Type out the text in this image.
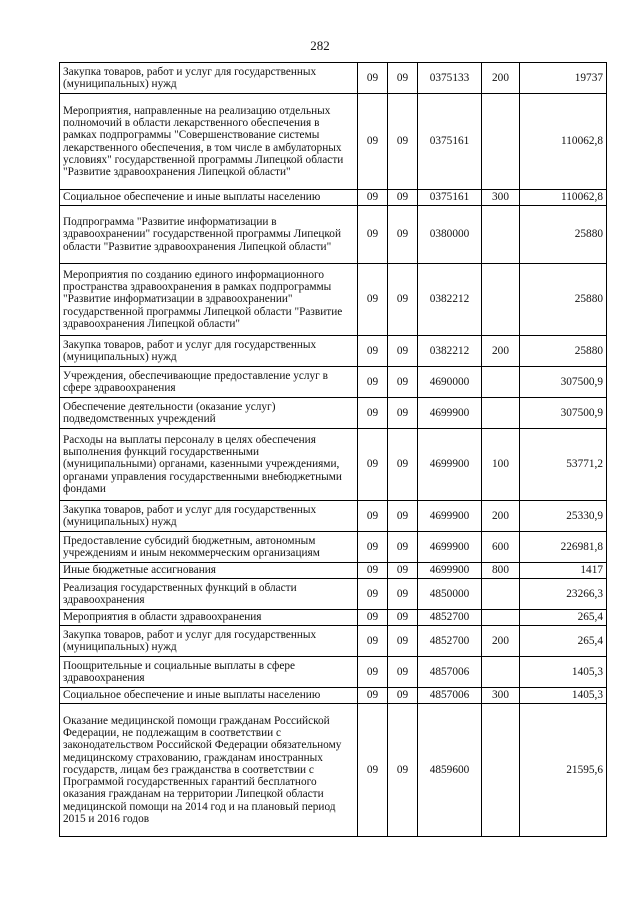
282
Закупка товаров, работ и услуг для государственных (муниципальных) нужд	09	09	0375133	200	19737
Мероприятия, направленные на реализацию отдельных полномочий в области лекарственного обеспечения в рамках подпрограммы "Совершенствование системы лекарственного обеспечения, в том числе в амбулаторных условиях" государственной программы Липецкой области "Развитие здравоохранения Липецкой области"	09	09	0375161		110062,8
Социальное обеспечение и иные выплаты населению	09	09	0375161	300	110062,8
Подпрограмма "Развитие информатизации в здравоохранении" государственной программы Липецкой области "Развитие здравоохранения Липецкой области"	09	09	0380000		25880
Мероприятия по созданию единого информационного пространства здравоохранения в рамках подпрограммы "Развитие информатизации в здравоохранении" государственной программы Липецкой области "Развитие здравоохранения Липецкой области"	09	09	0382212		25880
Закупка товаров, работ и услуг для государственных (муниципальных) нужд	09	09	0382212	200	25880
Учреждения, обеспечивающие предоставление услуг в сфере здравоохранения	09	09	4690000		307500,9
Обеспечение деятельности (оказание услуг) подведомственных учреждений	09	09	4699900		307500,9
Расходы на выплаты персоналу в целях обеспечения выполнения функций государственными (муниципальными) органами, казенными учреждениями, органами управления государственными внебюджетными фондами	09	09	4699900	100	53771,2
Закупка товаров, работ и услуг для государственных (муниципальных) нужд	09	09	4699900	200	25330,9
Предоставление субсидий бюджетным, автономным учреждениям и иным некоммерческим организациям	09	09	4699900	600	226981,8
Иные бюджетные ассигнования	09	09	4699900	800	1417
Реализация государственных функций в области здравоохранения	09	09	4850000		23266,3
Мероприятия в области здравоохранения	09	09	4852700		265,4
Закупка товаров, работ и услуг для государственных (муниципальных) нужд	09	09	4852700	200	265,4
Поощрительные и социальные выплаты в сфере здравоохранения	09	09	4857006		1405,3
Социальное обеспечение и иные выплаты населению	09	09	4857006	300	1405,3
Оказание медицинской помощи гражданам Российской Федерации, не подлежащим в соответствии с законодательством Российской Федерации обязательному медицинскому страхованию, гражданам иностранных государств, лицам без гражданства в соответствии с Программой государственных гарантий бесплатного оказания гражданам на территории Липецкой области медицинской помощи на 2014 год и на плановый период 2015 и 2016 годов	09	09	4859600		21595,6
